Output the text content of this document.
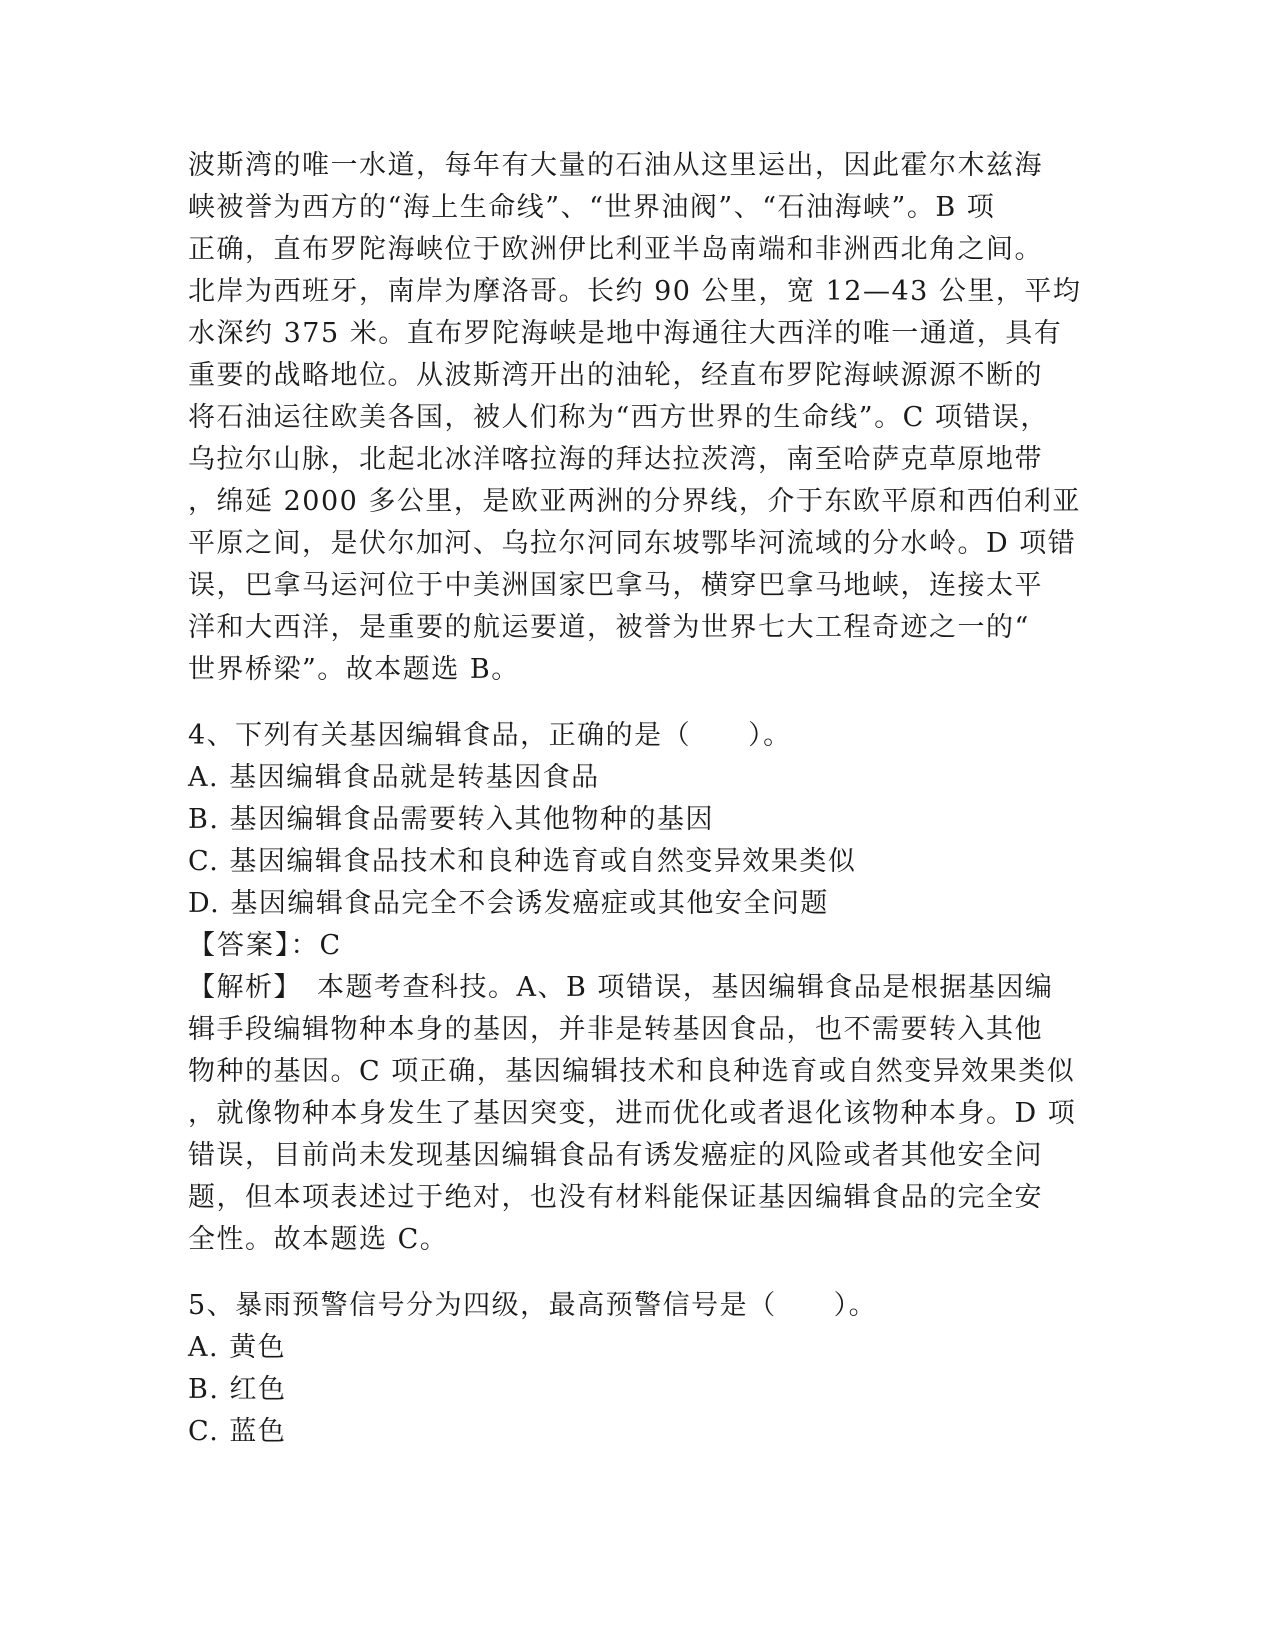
波斯湾的唯一水道，每年有大量的石油从这里运出，因此霍尔木兹海
峡被誉为西方的“海上生命线”、“世界油阀”、“石油海峡”。B 项
正确，直布罗陀海峡位于欧洲伊比利亚半岛南端和非洲西北角之间。
北岸为西班牙，南岸为摩洛哥。长约 90 公里，宽 12—43 公里，平均
水深约 375 米。直布罗陀海峡是地中海通往大西洋的唯一通道，具有
重要的战略地位。从波斯湾开出的油轮，经直布罗陀海峡源源不断的
将石油运往欧美各国，被人们称为“西方世界的生命线”。C 项错误，
乌拉尔山脉，北起北冰洋喀拉海的拜达拉茨湾，南至哈萨克草原地带
，绵延 2000 多公里，是欧亚两洲的分界线，介于东欧平原和西伯利亚
平原之间，是伏尔加河、乌拉尔河同东坡鄂毕河流域的分水岭。D 项错
误，巴拿马运河位于中美洲国家巴拿马，横穿巴拿马地峡，连接太平
洋和大西洋，是重要的航运要道，被誉为世界七大工程奇迹之一的“
世界桥梁”。故本题选 B。
4、下列有关基因编辑食品，正确的是（　　）。
A. 基因编辑食品就是转基因食品
B. 基因编辑食品需要转入其他物种的基因
C. 基因编辑食品技术和良种选育或自然变异效果类似
D. 基因编辑食品完全不会诱发癌症或其他安全问题
【答案】：C
【解析】　本题考查科技。A、B 项错误，基因编辑食品是根据基因编
辑手段编辑物种本身的基因，并非是转基因食品，也不需要转入其他
物种的基因。C 项正确，基因编辑技术和良种选育或自然变异效果类似
，就像物种本身发生了基因突变，进而优化或者退化该物种本身。D 项
错误，目前尚未发现基因编辑食品有诱发癌症的风险或者其他安全问
题，但本项表述过于绝对，也没有材料能保证基因编辑食品的完全安
全性。故本题选 C。
5、暴雨预警信号分为四级，最高预警信号是（　　）。
A. 黄色
B. 红色
C. 蓝色
